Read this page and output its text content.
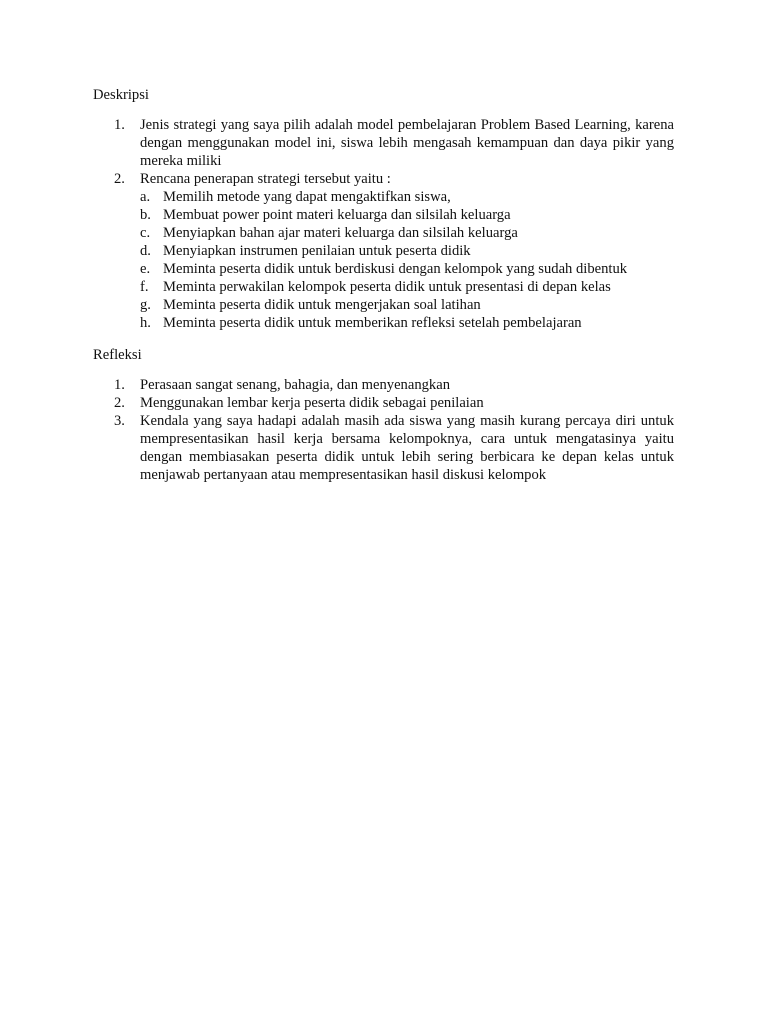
Deskripsi

1. Jenis strategi yang saya pilih adalah model pembelajaran Problem Based Learning, karena dengan menggunakan model ini, siswa lebih mengasah kemampuan dan daya pikir yang mereka miliki
2. Rencana penerapan strategi tersebut yaitu :
a. Memilih metode yang dapat mengaktifkan siswa,
b. Membuat power point materi keluarga dan silsilah keluarga
c. Menyiapkan bahan ajar materi keluarga dan silsilah keluarga
d. Menyiapkan instrumen penilaian untuk peserta didik
e. Meminta peserta didik untuk berdiskusi dengan kelompok yang sudah dibentuk
f. Meminta perwakilan kelompok peserta didik untuk presentasi di depan kelas
g. Meminta peserta didik untuk mengerjakan soal latihan
h. Meminta peserta didik untuk memberikan refleksi setelah pembelajaran

Refleksi

1. Perasaan sangat senang, bahagia, dan menyenangkan
2. Menggunakan lembar kerja peserta didik sebagai penilaian
3. Kendala yang saya hadapi adalah masih ada siswa yang masih kurang percaya diri untuk mempresentasikan hasil kerja bersama kelompoknya, cara untuk mengatasinya yaitu dengan membiasakan peserta didik untuk lebih sering berbicara ke depan kelas untuk menjawab pertanyaan atau mempresentasikan hasil diskusi kelompok
